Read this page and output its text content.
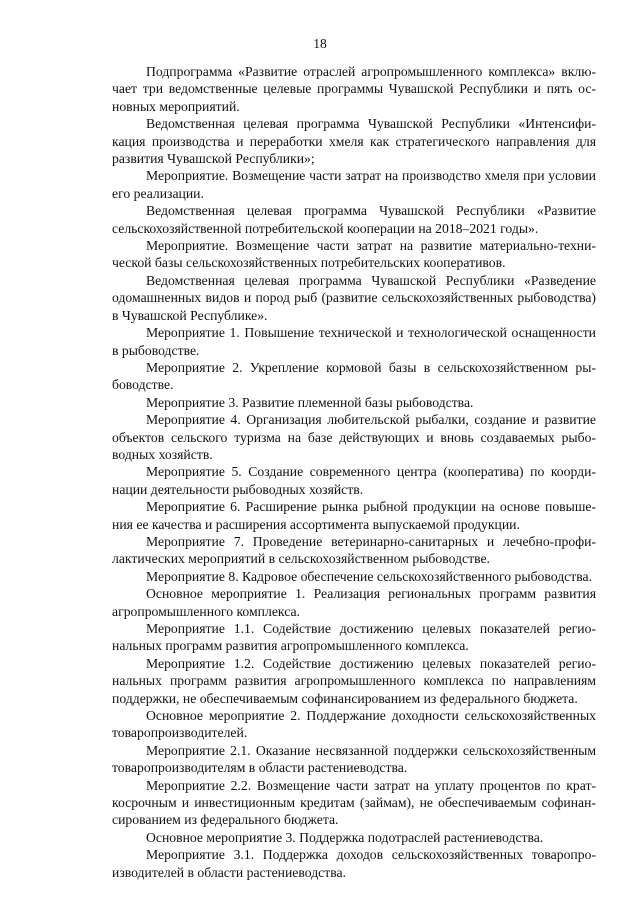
18

Подпрограмма «Развитие отраслей агропромышленного комплекса» включает три ведомственные целевые программы Чувашской Республики и пять основных мероприятий.

Ведомственная целевая программа Чувашской Республики «Интенсификация производства и переработки хмеля как стратегического направления для развития Чувашской Республики»;

Мероприятие. Возмещение части затрат на производство хмеля при условии его реализации.

Ведомственная целевая программа Чувашской Республики «Развитие сельскохозяйственной потребительской кооперации на 2018–2021 годы».

Мероприятие. Возмещение части затрат на развитие материально-технической базы сельскохозяйственных потребительских кооперативов.

Ведомственная целевая программа Чувашской Республики «Разведение одомашненных видов и пород рыб (развитие сельскохозяйственных рыбоводства) в Чувашской Республике».

Мероприятие 1. Повышение технической и технологической оснащенности в рыбоводстве.

Мероприятие 2. Укрепление кормовой базы в сельскохозяйственном рыбоводстве.

Мероприятие 3. Развитие племенной базы рыбоводства.

Мероприятие 4. Организация любительской рыбалки, создание и развитие объектов сельского туризма на базе действующих и вновь создаваемых рыбоводных хозяйств.

Мероприятие 5. Создание современного центра (кооператива) по координации деятельности рыбоводных хозяйств.

Мероприятие 6. Расширение рынка рыбной продукции на основе повышения ее качества и расширения ассортимента выпускаемой продукции.

Мероприятие 7. Проведение ветеринарно-санитарных и лечебно-профилактических мероприятий в сельскохозяйственном рыбоводстве.

Мероприятие 8. Кадровое обеспечение сельскохозяйственного рыбоводства.

Основное мероприятие 1. Реализация региональных программ развития агропромышленного комплекса.

Мероприятие 1.1. Содействие достижению целевых показателей региональных программ развития агропромышленного комплекса.

Мероприятие 1.2. Содействие достижению целевых показателей региональных программ развития агропромышленного комплекса по направлениям поддержки, не обеспечиваемым софинансированием из федерального бюджета.

Основное мероприятие 2. Поддержание доходности сельскохозяйственных товаропроизводителей.

Мероприятие 2.1. Оказание несвязанной поддержки сельскохозяйственным товаропроизводителям в области растениеводства.

Мероприятие 2.2. Возмещение части затрат на уплату процентов по краткосрочным и инвестиционным кредитам (займам), не обеспечиваемым софинансированием из федерального бюджета.

Основное мероприятие 3. Поддержка подотраслей растениеводства.

Мероприятие 3.1. Поддержка доходов сельскохозяйственных товаропроизводителей в области растениеводства.
